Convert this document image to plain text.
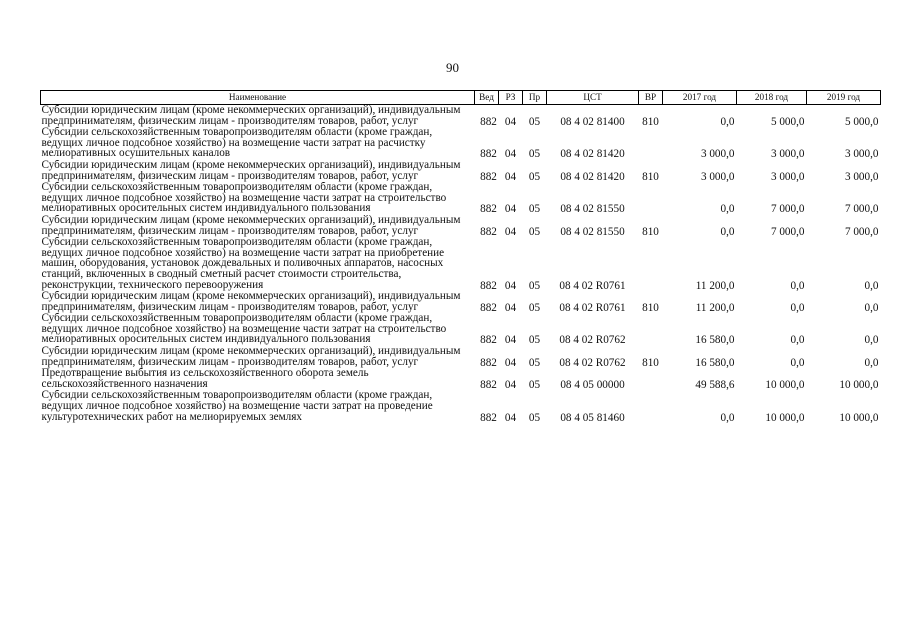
90
Наименование	Вед	РЗ	Пр	ЦСТ	ВР	2017 год	2018 год	2019 год
Субсидии юридическим лицам (кроме некоммерческих организаций), индивидуальным предпринимателям, физическим лицам - производителям товаров, работ, услуг	882	04	05	08 4 02 81400	810	0,0	5 000,0	5 000,0
Субсидии сельскохозяйственным товаропроизводителям области (кроме граждан, ведущих личное подсобное хозяйство) на возмещение части затрат на расчистку мелиоративных осушительных каналов	882	04	05	08 4 02 81420		3 000,0	3 000,0	3 000,0
Субсидии юридическим лицам (кроме некоммерческих организаций), индивидуальным предпринимателям, физическим лицам - производителям товаров, работ, услуг	882	04	05	08 4 02 81420	810	3 000,0	3 000,0	3 000,0
Субсидии сельскохозяйственным товаропроизводителям области (кроме граждан, ведущих личное подсобное хозяйство) на возмещение части затрат на строительство мелиоративных оросительных систем индивидуального пользования	882	04	05	08 4 02 81550		0,0	7 000,0	7 000,0
Субсидии юридическим лицам (кроме некоммерческих организаций), индивидуальным предпринимателям, физическим лицам - производителям товаров, работ, услуг	882	04	05	08 4 02 81550	810	0,0	7 000,0	7 000,0
Субсидии сельскохозяйственным товаропроизводителям области (кроме граждан, ведущих личное подсобное хозяйство) на возмещение части затрат на приобретение машин, оборудования, установок дождевальных и поливочных аппаратов, насосных станций, включенных в сводный сметный расчет стоимости строительства, реконструкции, технического перевооружения	882	04	05	08 4 02 R0761		11 200,0	0,0	0,0
Субсидии юридическим лицам (кроме некоммерческих организаций), индивидуальным предпринимателям, физическим лицам - производителям товаров, работ, услуг	882	04	05	08 4 02 R0761	810	11 200,0	0,0	0,0
Субсидии сельскохозяйственным товаропроизводителям области (кроме граждан, ведущих личное подсобное хозяйство) на возмещение части затрат на строительство мелиоративных оросительных систем индивидуального пользования	882	04	05	08 4 02 R0762		16 580,0	0,0	0,0
Субсидии юридическим лицам (кроме некоммерческих организаций), индивидуальным предпринимателям, физическим лицам - производителям товаров, работ, услуг	882	04	05	08 4 02 R0762	810	16 580,0	0,0	0,0
Предотвращение выбытия из сельскохозяйственного оборота земель сельскохозяйственного назначения	882	04	05	08 4 05 00000		49 588,6	10 000,0	10 000,0
Субсидии сельскохозяйственным товаропроизводителям области (кроме граждан, ведущих личное подсобное хозяйство) на возмещение части затрат на проведение культуротехнических работ на мелиорируемых землях	882	04	05	08 4 05 81460		0,0	10 000,0	10 000,0
